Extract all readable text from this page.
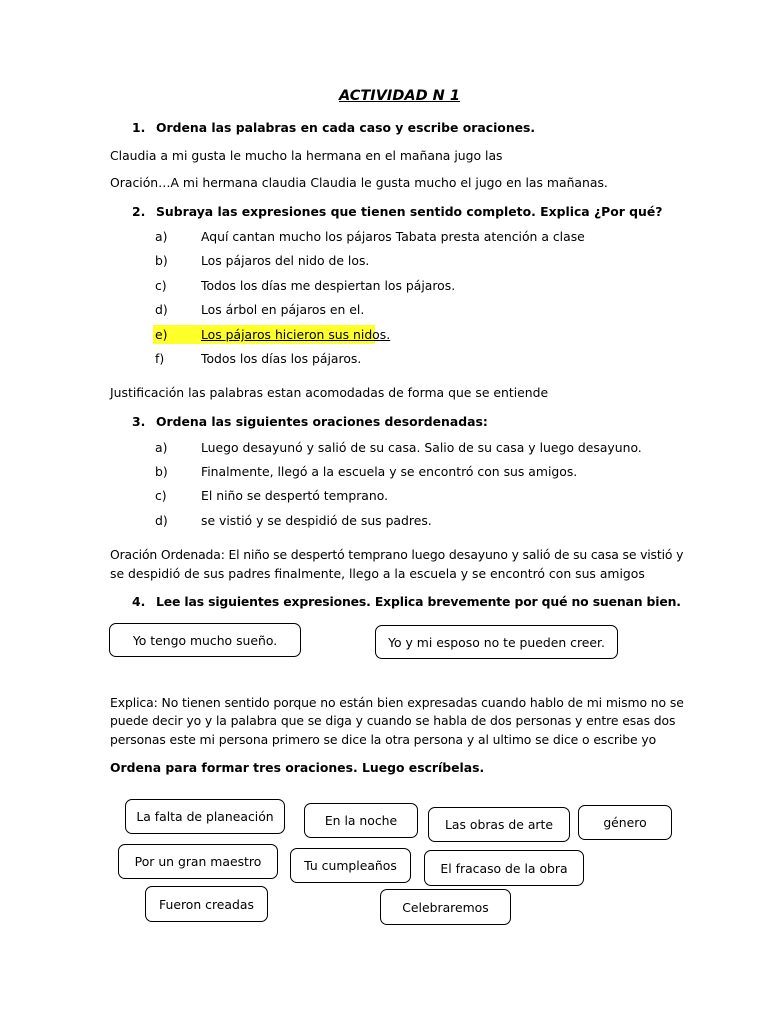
ACTIVIDAD N 1
1. Ordena las palabras en cada caso y escribe oraciones.
Claudia a mi gusta le mucho la hermana en el mañana jugo las
Oración…A mi hermana claudia Claudia le gusta mucho el jugo en las mañanas.
2. Subraya las expresiones que tienen sentido completo. Explica ¿Por qué?
a)	Aquí cantan mucho los pájaros Tabata presta atención a clase
b)	Los pájaros del nido de los.
c)	Todos los días me despiertan los pájaros.
d)	Los árbol en pájaros en el.
e)	Los pájaros hicieron sus nidos.
f)	Todos los días los pájaros.
Justificación las palabras estan acomodadas de forma que se entiende
3. Ordena las siguientes oraciones desordenadas:
a)	Luego desayunó y salió de su casa. Salio de su casa y luego desayuno.
b)	Finalmente, llegó a la escuela y se encontró con sus amigos.
c)	El niño se despertó temprano.
d)	se vistió y se despidió de sus padres.
Oración Ordenada: El niño se despertó temprano luego desayuno y salió de su casa se vistió y
se despidió de sus padres finalmente, llego a la escuela y se encontró con sus amigos
4. Lee las siguientes expresiones. Explica brevemente por qué no suenan bien.
Yo tengo mucho sueño.	Yo y mi esposo no te pueden creer.
Explica: No tienen sentido porque no están bien expresadas cuando hablo de mi mismo no se
puede decir yo y la palabra que se diga y cuando se habla de dos personas y entre esas dos
personas este mi persona primero se dice la otra persona y al ultimo se dice o escribe yo
Ordena para formar tres oraciones. Luego escríbelas.
La falta de planeación	En la noche	Las obras de arte	género
Por un gran maestro	Tu cumpleaños	El fracaso de la obra
Fueron creadas	Celebraremos
